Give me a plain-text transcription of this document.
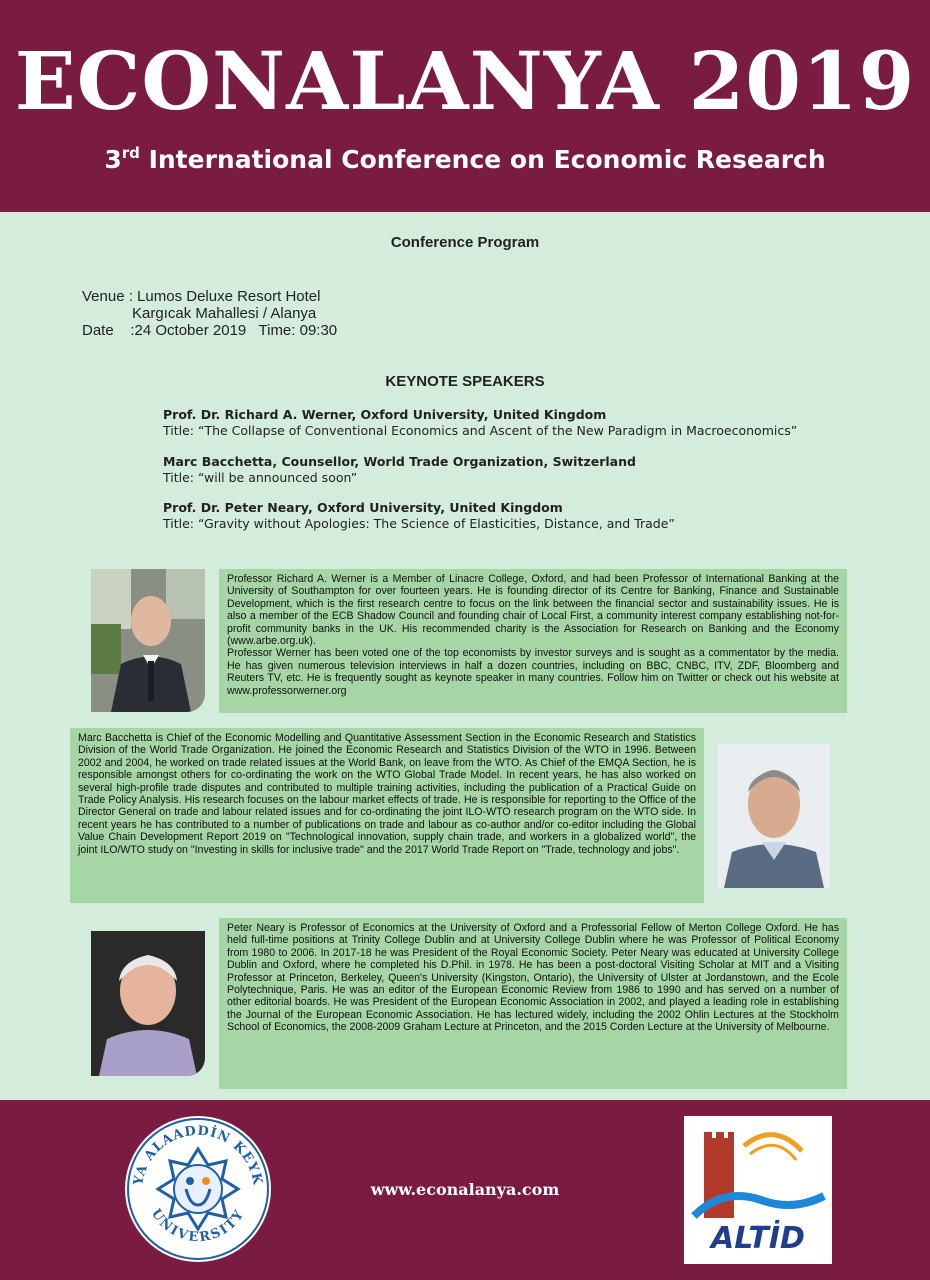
ECONALANYA 2019
3rd International Conference on Economic Research
Conference Program
Venue : Lumos Deluxe Resort Hotel
Kargıcak Mahallesi / Alanya
Date    :24 October 2019   Time: 09:30
KEYNOTE SPEAKERS
Prof. Dr. Richard A. Werner, Oxford University, United Kingdom
Title: “The Collapse of Conventional Economics and Ascent of the New Paradigm in Macroeconomics”
Marc Bacchetta, Counsellor, World Trade Organization, Switzerland
Title: “will be announced soon”
Prof. Dr. Peter Neary, Oxford University, United Kingdom
Title: “Gravity without Apologies: The Science of Elasticities, Distance, and Trade”

Professor Richard A. Werner is a Member of Linacre College, Oxford, and had been Professor of International Banking at the University of Southampton for over fourteen years. He is founding director of its Centre for Banking, Finance and Sustainable Development, which is the first research centre to focus on the link between the financial sector and sustainability issues. He is also a member of the ECB Shadow Council and founding chair of Local First, a community interest company establishing not-for-profit community banks in the UK. His recommended charity is the Association for Research on Banking and the Economy (www.arbe.org.uk).

Professor Werner has been voted one of the top economists by investor surveys and is sought as a commentator by the media. He has given numerous television interviews in half a dozen countries, including on BBC, CNBC, ITV, ZDF, Bloomberg and Reuters TV, etc. He is frequently sought as keynote speaker in many countries. Follow him on Twitter or check out his website at www.professorwerner.org

Marc Bacchetta is Chief of the Economic Modelling and Quantitative Assessment Section in the Economic Research and Statistics Division of the World Trade Organization. He joined the Economic Research and Statistics Division of the WTO in 1996. Between 2002 and 2004, he worked on trade related issues at the World Bank, on leave from the WTO. As Chief of the EMQA Section, he is responsible amongst others for co-ordinating the work on the WTO Global Trade Model. In recent years, he has also worked on several high-profile trade disputes and contributed to multiple training activities, including the publication of a Practical Guide on Trade Policy Analysis. His research focuses on the labour market effects of trade. He is responsible for reporting to the Office of the Director General on trade and labour related issues and for co-ordinating the joint ILO-WTO research program on the WTO side. In recent years he has contributed to a number of publications on trade and labour as co-author and/or co-editor including the Global Value Chain Development Report 2019 on "Technological innovation, supply chain trade, and workers in a globalized world", the joint ILO/WTO study on "Investing in skills for inclusive trade" and the 2017 World Trade Report on "Trade, technology and jobs".

Peter Neary is Professor of Economics at the University of Oxford and a Professorial Fellow of Merton College Oxford. He has held full-time positions at Trinity College Dublin and at University College Dublin where he was Professor of Political Economy from 1980 to 2006. In 2017-18 he was President of the Royal Economic Society. Peter Neary was educated at University College Dublin and Oxford, where he completed his D.Phil. in 1978. He has been a post-doctoral Visiting Scholar at MIT and a Visiting Professor at Princeton, Berkeley, Queen's University (Kingston, Ontario), the University of Ulster at Jordanstown, and the Ecole Polytechnique, Paris. He was an editor of the European Economic Review from 1986 to 1990 and has served on a number of other editorial boards. He was President of the European Economic Association in 2002, and played a leading role in establishing the Journal of the European Economic Association. He has lectured widely, including the 2002 Ohlin Lectures at the Stockholm School of Economics, the 2008-2009 Graham Lecture at Princeton, and the 2015 Corden Lecture at the University of Melbourne.

YA ALAADDİN KEYK
UNIVERSITY
www.econalanya.com
ALTİD
